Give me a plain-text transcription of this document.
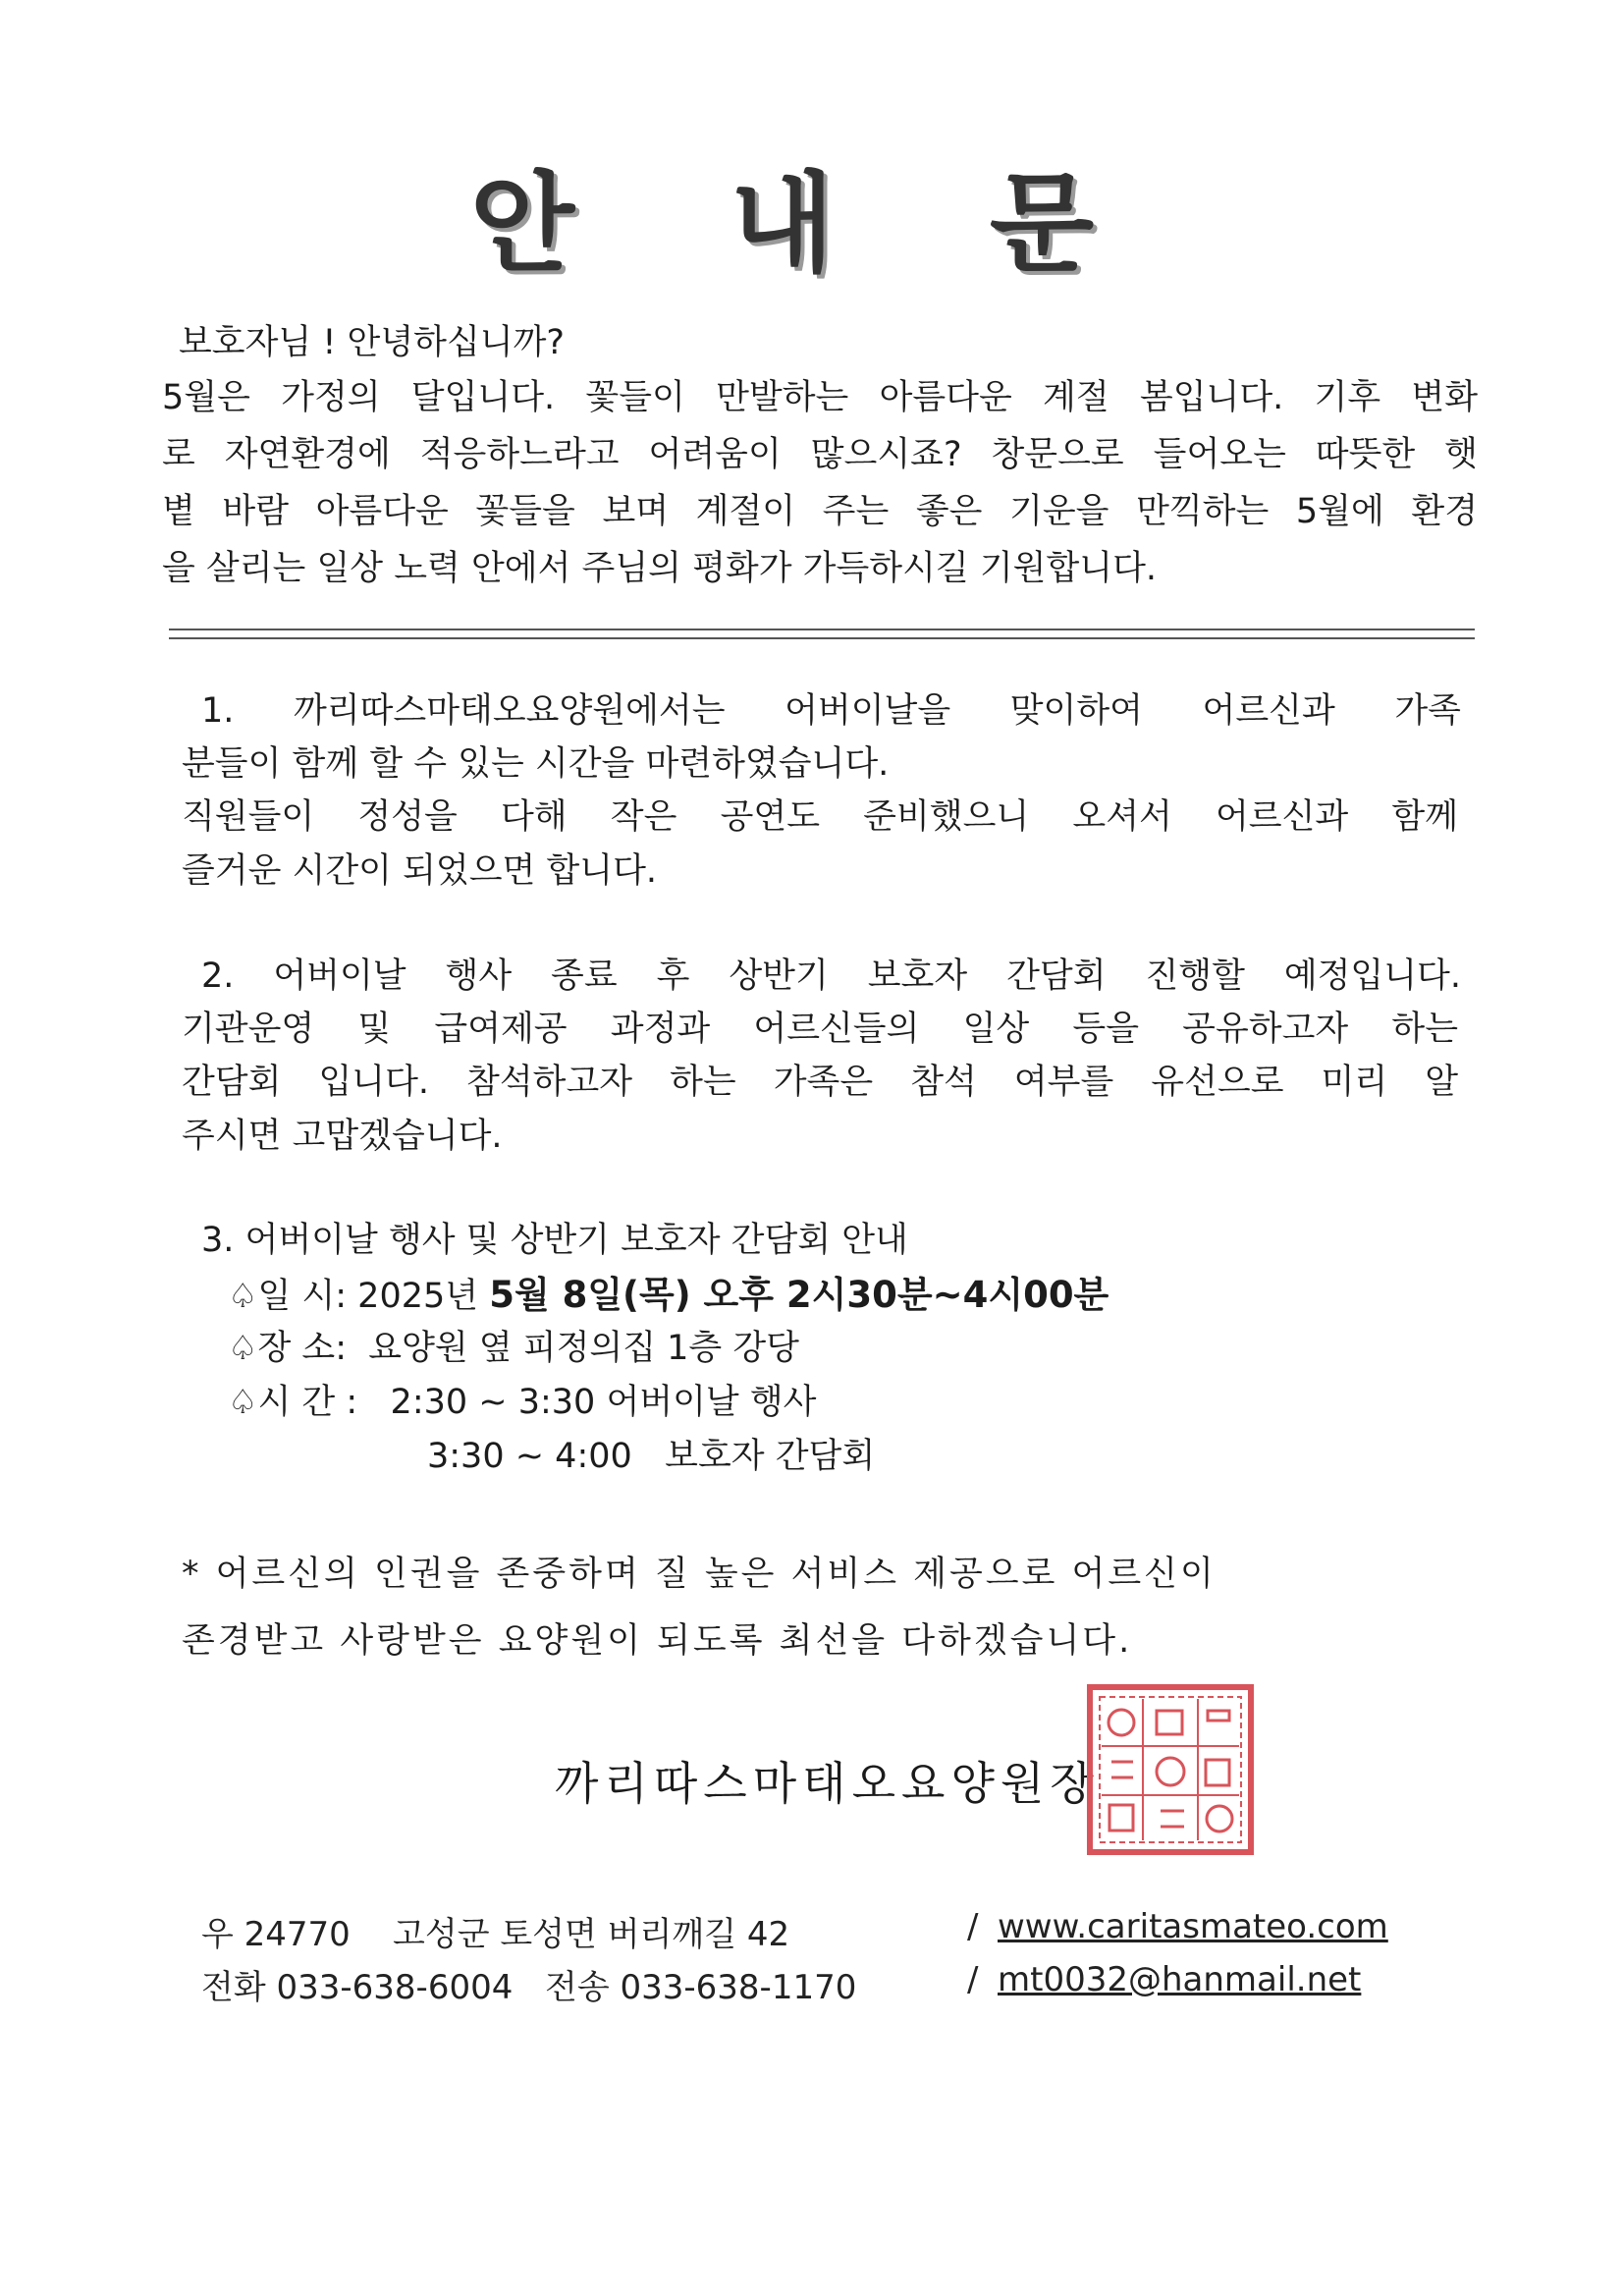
안 내 문
보호자님 ! 안녕하십니까?
5월은 가정의 달입니다. 꽃들이 만발하는 아름다운 계절 봄입니다. 기후 변화
로 자연환경에 적응하느라고 어려움이 많으시죠? 창문으로 들어오는 따뜻한 햇
볕 바람 아름다운 꽃들을 보며 계절이 주는 좋은 기운을 만끽하는 5월에 환경
을 살리는 일상 노력 안에서 주님의 평화가 가득하시길 기원합니다.
1. 까리따스마태오요양원에서는 어버이날을 맞이하여 어르신과 가족
분들이 함께 할 수 있는 시간을 마련하였습니다.
직원들이 정성을 다해 작은 공연도 준비했으니 오셔서 어르신과 함께
즐거운 시간이 되었으면 합니다.
2. 어버이날 행사 종료 후 상반기 보호자 간담회 진행할 예정입니다.
기관운영 및 급여제공 과정과 어르신들의 일상 등을 공유하고자 하는
간담회 입니다. 참석하고자 하는 가족은 참석 여부를 유선으로 미리 알
주시면 고맙겠습니다.
3. 어버이날 행사 및 상반기 보호자 간담회 안내
♤일 시: 2025년 5월 8일(목) 오후 2시30분~4시00분
♤장 소: 요양원 옆 피정의집 1층 강당
♤시 간 : 2:30 ~ 3:30 어버이날 행사
3:30 ~ 4:00 보호자 간담회
* 어르신의 인권을 존중하며 질 높은 서비스 제공으로 어르신이
존경받고 사랑받은 요양원이 되도록 최선을 다하겠습니다.
까리따스마태오요양원장
우 24770 고성군 토성면 버리깨길 42	/ www.caritasmateo.com
전화 033-638-6004 전송 033-638-1170	/ mt0032@hanmail.net
